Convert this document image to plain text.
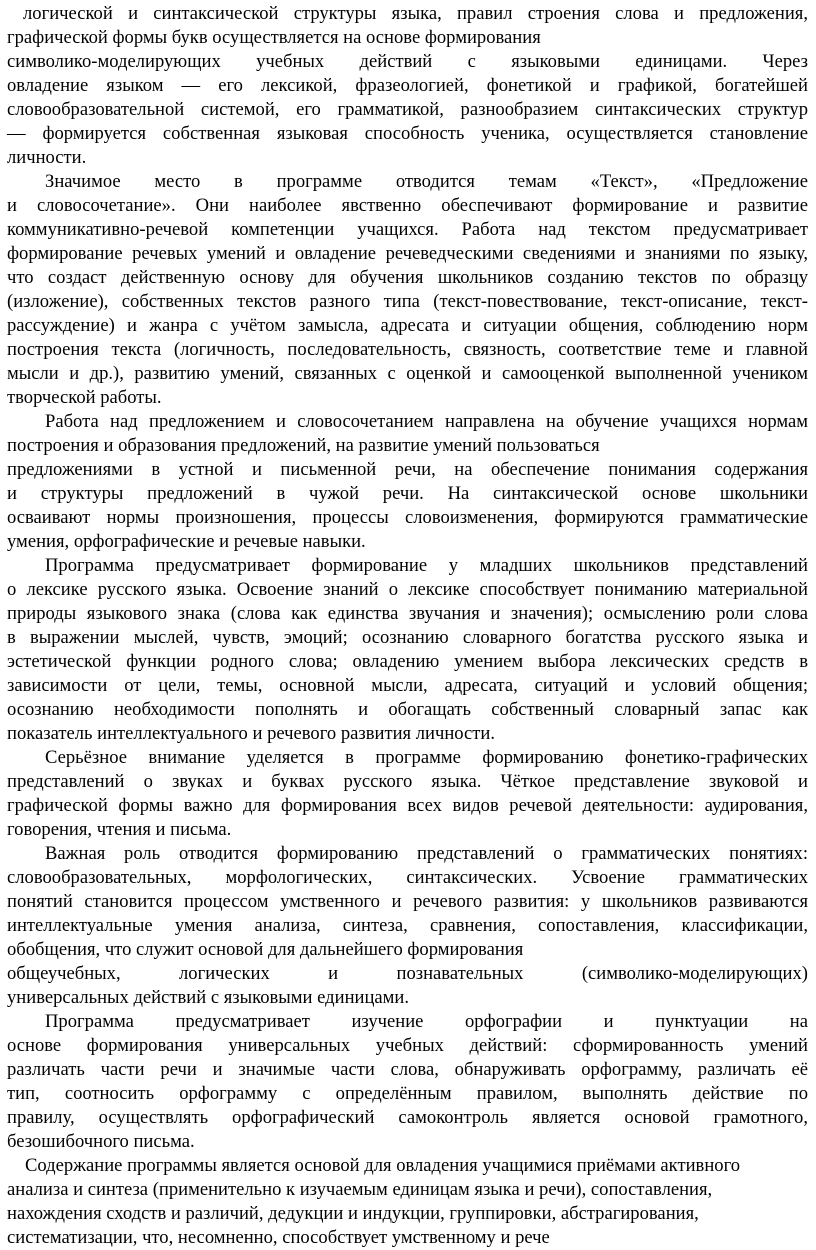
логической и синтаксической структуры языка, правил строения слова и предложения,
графической формы букв осуществляется на основе формирования
символико-моделирующих учебных действий с языковыми единицами. Через
овладение языком — его лексикой, фразеологией, фонетикой и графикой, богатейшей
словообразовательной системой, его грамматикой, разнообразием синтаксических структур
— формируется собственная языковая способность ученика, осуществляется становление
личности.
Значимое место в программе отводится темам «Текст», «Предложение
и словосочетание». Они наиболее явственно обеспечивают формирование и развитие
коммуникативно-речевой компетенции учащихся. Работа над текстом предусматривает
формирование речевых умений и овладение речеведческими сведениями и знаниями по языку,
что создаст действенную основу для обучения школьников созданию текстов по образцу
(изложение), собственных текстов разного типа (текст-повествование, текст-описание, текст-
рассуждение) и жанра с учётом замысла, адресата и ситуации общения, соблюдению норм
построения текста (логичность, последовательность, связность, соответствие теме и главной
мысли и др.), развитию умений, связанных с оценкой и самооценкой выполненной учеником
творческой работы.
Работа над предложением и словосочетанием направлена на обучение учащихся нормам
построения и образования предложений, на развитие умений пользоваться
предложениями в устной и письменной речи, на обеспечение понимания содержания
и структуры предложений в чужой речи. На синтаксической основе школьники
осваивают нормы произношения, процессы словоизменения, формируются грамматические
умения, орфографические и речевые навыки.
Программа предусматривает формирование у младших школьников представлений
о лексике русского языка. Освоение знаний о лексике способствует пониманию материальной
природы языкового знака (слова как единства звучания и значения); осмыслению роли слова
в выражении мыслей, чувств, эмоций; осознанию словарного богатства русского языка и
эстетической функции родного слова; овладению умением выбора лексических средств в
зависимости от цели, темы, основной мысли, адресата, ситуаций и условий общения;
осознанию необходимости пополнять и обогащать собственный словарный запас как
показатель интеллектуального и речевого развития личности.
Серьёзное внимание уделяется в программе формированию фонетико-графических
представлений о звуках и буквах русского языка. Чёткое представление звуковой и
графической формы важно для формирования всех видов речевой деятельности: аудирования,
говорения, чтения и письма.
Важная роль отводится формированию представлений о грамматических понятиях:
словообразовательных, морфологических, синтаксических. Усвоение грамматических
понятий становится процессом умственного и речевого развития: у школьников развиваются
интеллектуальные умения анализа, синтеза, сравнения, сопоставления, классификации,
обобщения, что служит основой для дальнейшего формирования
общеучебных, логических и познавательных (символико-моделирующих)
универсальных действий с языковыми единицами.
Программа предусматривает изучение орфографии и пунктуации на
основе формирования универсальных учебных действий: сформированность умений
различать части речи и значимые части слова, обнаруживать орфограмму, различать её
тип, соотносить орфограмму с определённым правилом, выполнять действие по
правилу, осуществлять орфографический самоконтроль является основой грамотного,
безошибочного письма.
Содержание программы является основой для овладения учащимися приёмами активного
анализа и синтеза (применительно к изучаемым единицам языка и речи), сопоставления,
нахождения сходств и различий, дедукции и индукции, группировки, абстрагирования,
систематизации, что, несомненно, способствует умственному и рече
